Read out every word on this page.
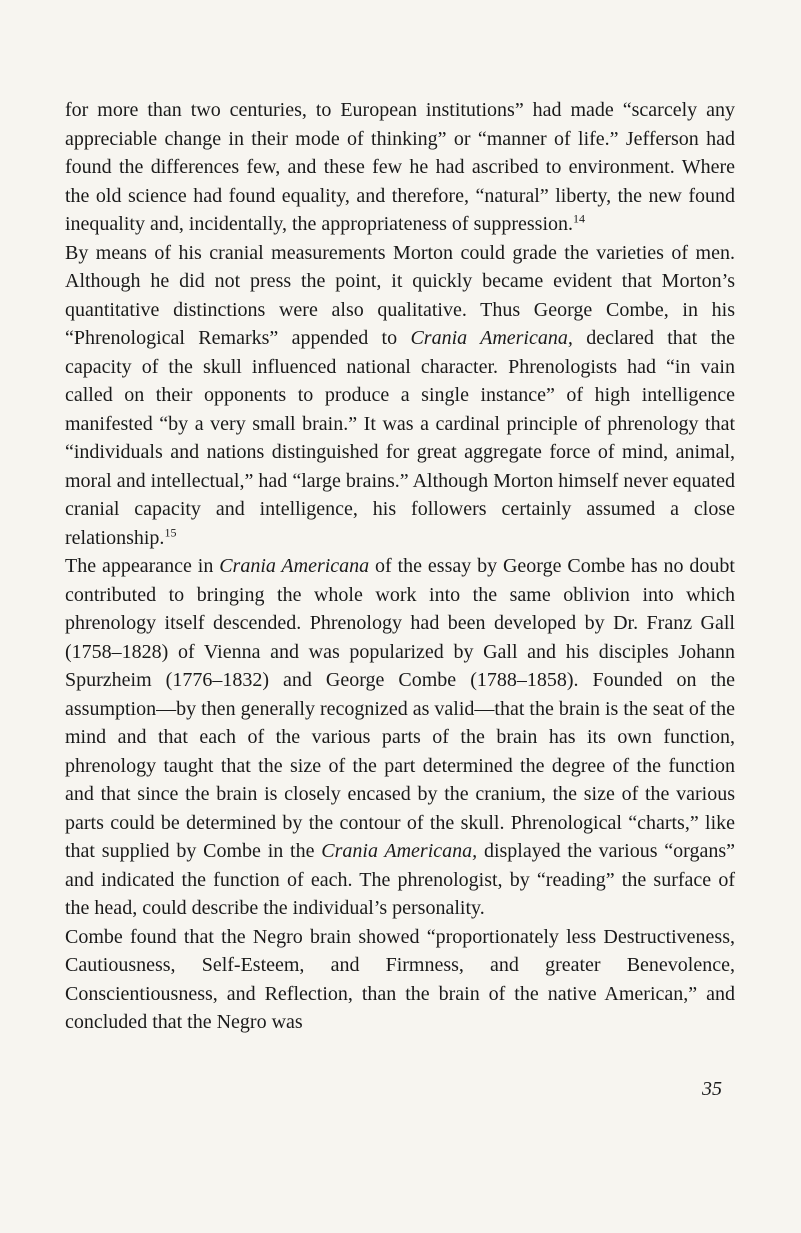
for more than two centuries, to European institutions” had made “scarcely any appreciable change in their mode of thinking” or “manner of life.” Jefferson had found the differences few, and these few he had ascribed to environment. Where the old science had found equality, and therefore, “natural” liberty, the new found inequality and, incidentally, the appropriateness of suppression.$^{14}$

By means of his cranial measurements Morton could grade the varieties of men. Although he did not press the point, it quickly became evident that Morton’s quantitative distinctions were also qualitative. Thus George Combe, in his “Phrenological Remarks” appended to Crania Americana, declared that the capacity of the skull influenced national character. Phrenologists had “in vain called on their opponents to produce a single instance” of high intelligence manifested “by a very small brain.” It was a cardinal principle of phrenology that “individuals and nations distinguished for great aggregate force of mind, animal, moral and intellectual,” had “large brains.” Although Morton himself never equated cranial capacity and intelligence, his followers certainly assumed a close relationship.$^{15}$

The appearance in Crania Americana of the essay by George Combe has no doubt contributed to bringing the whole work into the same oblivion into which phrenology itself descended. Phrenology had been developed by Dr. Franz Gall (1758–1828) of Vienna and was popularized by Gall and his disciples Johann Spurzheim (1776–1832) and George Combe (1788–1858). Founded on the assumption—by then generally recognized as valid—that the brain is the seat of the mind and that each of the various parts of the brain has its own function, phrenology taught that the size of the part determined the degree of the function and that since the brain is closely encased by the cranium, the size of the various parts could be determined by the contour of the skull. Phrenological “charts,” like that supplied by Combe in the Crania Americana, displayed the various “organs” and indicated the function of each. The phrenologist, by “reading” the surface of the head, could describe the individual’s personality.

Combe found that the Negro brain showed “proportionately less Destructiveness, Cautiousness, Self-Esteem, and Firmness, and greater Benevolence, Conscientiousness, and Reflection, than the brain of the native American,” and concluded that the Negro was

35
